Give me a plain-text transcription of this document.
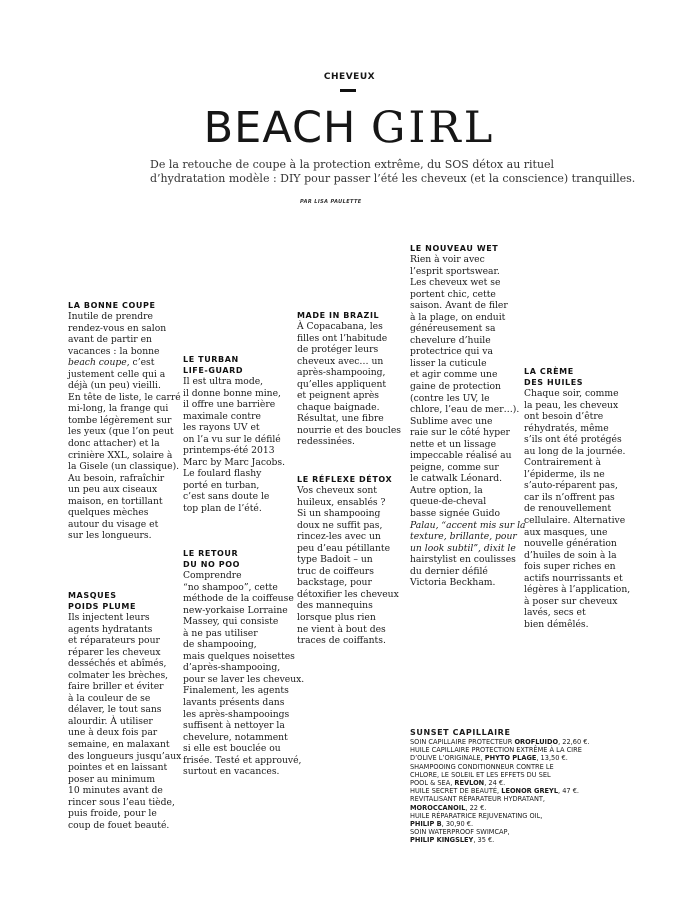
CHEVEUX
BEACH GIRL
De la retouche de coupe à la protection extrême, du SOS détox au rituel
d’hydratation modèle : DIY pour passer l’été les cheveux (et la conscience) tranquilles.
PAR LISA PAULETTE
LA BONNE COUPE
Inutile de prendre
rendez-vous en salon
avant de partir en
vacances : la bonne
beach coupe, c’est
justement celle qui a
déjà (un peu) vieilli.
En tête de liste, le carré
mi-long, la frange qui
tombe légèrement sur
les yeux (que l’on peut
donc attacher) et la
crinière XXL, solaire à
la Gisele (un classique).
Au besoin, rafraîchir
un peu aux ciseaux
maison, en tortillant
quelques mèches
autour du visage et
sur les longueurs.
MASQUES
POIDS PLUME
Ils injectent leurs
agents hydratants
et réparateurs pour
réparer les cheveux
desséchés et abîmés,
colmater les brèches,
faire briller et éviter
à la couleur de se
délaver, le tout sans
alourdir. À utiliser
une à deux fois par
semaine, en malaxant
des longueurs jusqu’aux
pointes et en laissant
poser au minimum
10 minutes avant de
rincer sous l’eau tiède,
puis froide, pour le
coup de fouet beauté.
LE TURBAN
LIFE-GUARD
Il est ultra mode,
il donne bonne mine,
il offre une barrière
maximale contre
les rayons UV et
on l’a vu sur le défilé
printemps-été 2013
Marc by Marc Jacobs.
Le foulard flashy
porté en turban,
c’est sans doute le
top plan de l’été.
LE RETOUR
DU NO POO
Comprendre
“no shampoo”, cette
méthode de la coiffeuse
new-yorkaise Lorraine
Massey, qui consiste
à ne pas utiliser
de shampooing,
mais quelques noisettes
d’après-shampooing,
pour se laver les cheveux.
Finalement, les agents
lavants présents dans
les après-shampooings
suffisent à nettoyer la
chevelure, notamment
si elle est bouclée ou
frisée. Testé et approuvé,
surtout en vacances.
MADE IN BRAZIL
À Copacabana, les
filles ont l’habitude
de protéger leurs
cheveux avec… un
après-shampooing,
qu’elles appliquent
et peignent après
chaque baignade.
Résultat, une fibre
nourrie et des boucles
redessinées.
LE RÉFLEXE DÉTOX
Vos cheveux sont
huileux, ensablés ?
Si un shampooing
doux ne suffit pas,
rincez-les avec un
peu d’eau pétillante
type Badoit – un
truc de coiffeurs
backstage, pour
détoxifier les cheveux
des mannequins
lorsque plus rien
ne vient à bout des
traces de coiffants.
LE NOUVEAU WET
Rien à voir avec
l’esprit sportswear.
Les cheveux wet se
portent chic, cette
saison. Avant de filer
à la plage, on enduit
généreusement sa
chevelure d’huile
protectrice qui va
lisser la cuticule
et agir comme une
gaine de protection
(contre les UV, le
chlore, l’eau de mer…).
Sublime avec une
raie sur le côté hyper
nette et un lissage
impeccable réalisé au
peigne, comme sur
le catwalk Léonard.
Autre option, la
queue-de-cheval
basse signée Guido
Palau, “accent mis sur la
texture, brillante, pour
un look subtil”, dixit le
hairstylist en coulisses
du dernier défilé
Victoria Beckham.
LA CRÈME
DES HUILES
Chaque soir, comme
la peau, les cheveux
ont besoin d’être
réhydratés, même
s’ils ont été protégés
au long de la journée.
Contrairement à
l’épiderme, ils ne
s’auto-réparent pas,
car ils n’offrent pas
de renouvellement
cellulaire. Alternative
aux masques, une
nouvelle génération
d’huiles de soin à la
fois super riches en
actifs nourrissants et
légères à l’application,
à poser sur cheveux
lavés, secs et
bien démêlés.
SUNSET CAPILLAIRE
SOIN CAPILLAIRE PROTECTEUR OROFLUIDO, 22,60 €.
HUILE CAPILLAIRE PROTECTION EXTRÊME À LA CIRE
D’OLIVE L’ORIGINALE, PHYTO PLAGE, 13,50 €.
SHAMPOOING CONDITIONNEUR CONTRE LE
CHLORE, LE SOLEIL ET LES EFFETS DU SEL
POOL & SEA, REVLON, 24 €.
HUILE SECRET DE BEAUTÉ, LEONOR GREYL, 47 €.
REVITALISANT RÉPARATEUR HYDRATANT,
MOROCCANOIL, 22 €.
HUILE RÉPARATRICE REJUVENATING OIL,
PHILIP B, 30,90 €.
SOIN WATERPROOF SWIMCAP,
PHILIP KINGSLEY, 35 €.
